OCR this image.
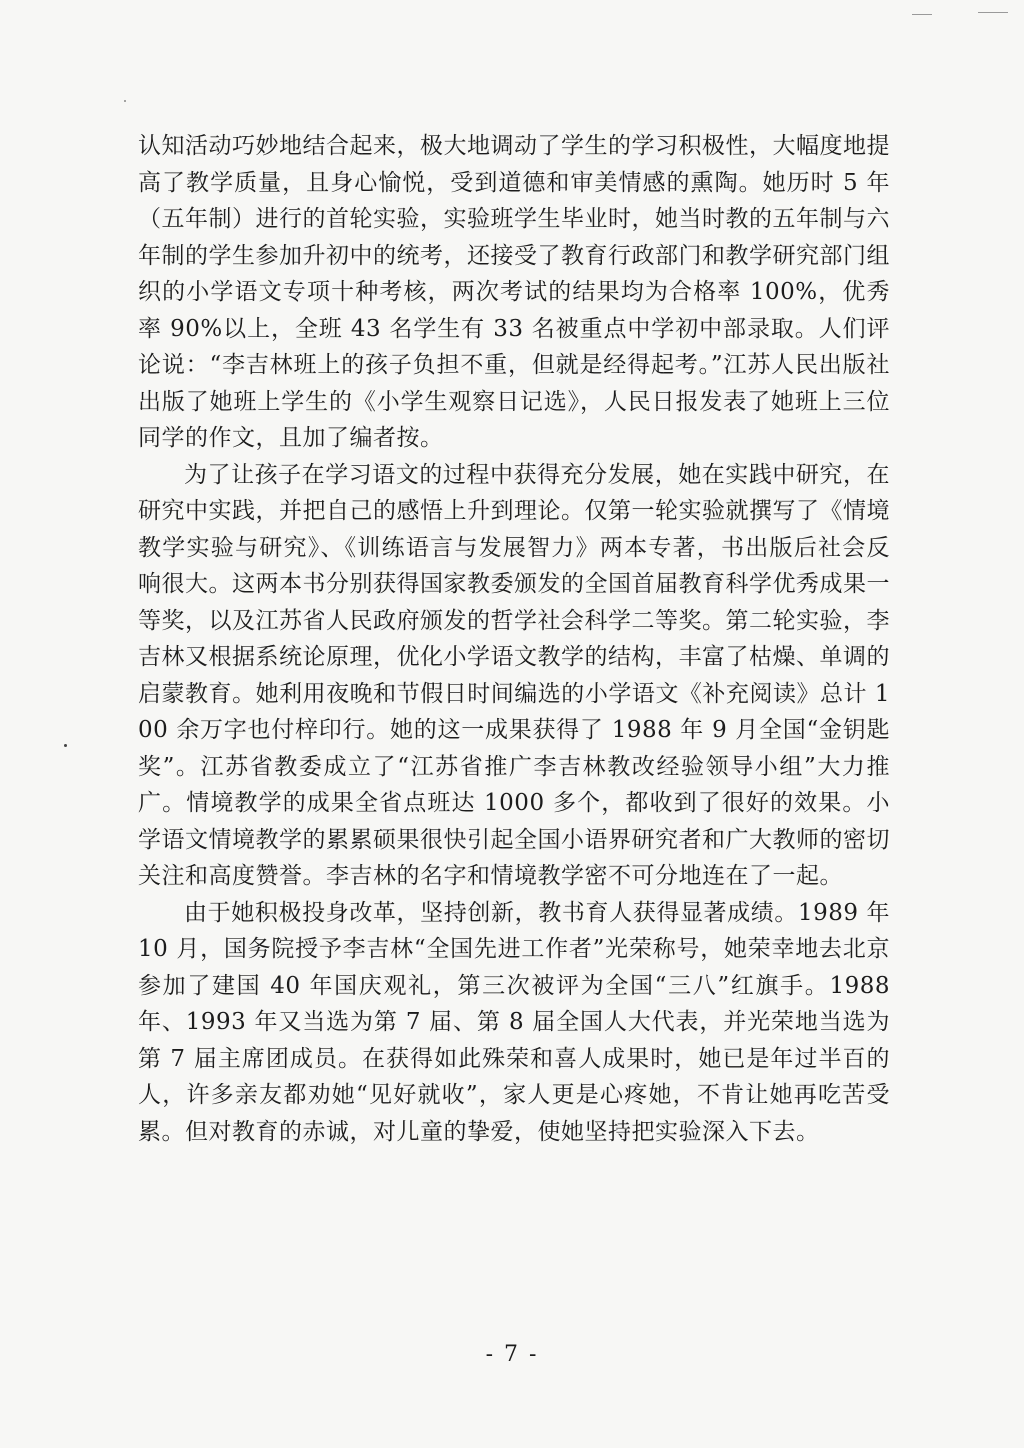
认知活动巧妙地结合起来，极大地调动了学生的学习积极性，大幅度地提高了教学质量，且身心愉悦，受到道德和审美情感的熏陶。她历时 5 年（五年制）进行的首轮实验，实验班学生毕业时，她当时教的五年制与六年制的学生参加升初中的统考，还接受了教育行政部门和教学研究部门组织的小学语文专项十种考核，两次考试的结果均为合格率 100%，优秀率 90%以上，全班 43 名学生有 33 名被重点中学初中部录取。人们评论说：“李吉林班上的孩子负担不重，但就是经得起考。”江苏人民出版社出版了她班上学生的《小学生观察日记选》，人民日报发表了她班上三位同学的作文，且加了编者按。

为了让孩子在学习语文的过程中获得充分发展，她在实践中研究，在研究中实践，并把自己的感悟上升到理论。仅第一轮实验就撰写了《情境教学实验与研究》、《训练语言与发展智力》两本专著，书出版后社会反响很大。这两本书分别获得国家教委颁发的全国首届教育科学优秀成果一等奖，以及江苏省人民政府颁发的哲学社会科学二等奖。第二轮实验，李吉林又根据系统论原理，优化小学语文教学的结构，丰富了枯燥、单调的启蒙教育。她利用夜晚和节假日时间编选的小学语文《补充阅读》总计 100 余万字也付梓印行。她的这一成果获得了 1988 年 9 月全国“金钥匙奖”。江苏省教委成立了“江苏省推广李吉林教改经验领导小组”大力推广。情境教学的成果全省点班达 1000 多个，都收到了很好的效果。小学语文情境教学的累累硕果很快引起全国小语界研究者和广大教师的密切关注和高度赞誉。李吉林的名字和情境教学密不可分地连在了一起。

由于她积极投身改革，坚持创新，教书育人获得显著成绩。1989 年 10 月，国务院授予李吉林“全国先进工作者”光荣称号，她荣幸地去北京参加了建国 40 年国庆观礼，第三次被评为全国“三八”红旗手。1988 年、1993 年又当选为第 7 届、第 8 届全国人大代表，并光荣地当选为第 7 届主席团成员。在获得如此殊荣和喜人成果时，她已是年过半百的人，许多亲友都劝她“见好就收”，家人更是心疼她，不肯让她再吃苦受累。但对教育的赤诚，对儿童的挚爱，使她坚持把实验深入下去。

- 7 -
